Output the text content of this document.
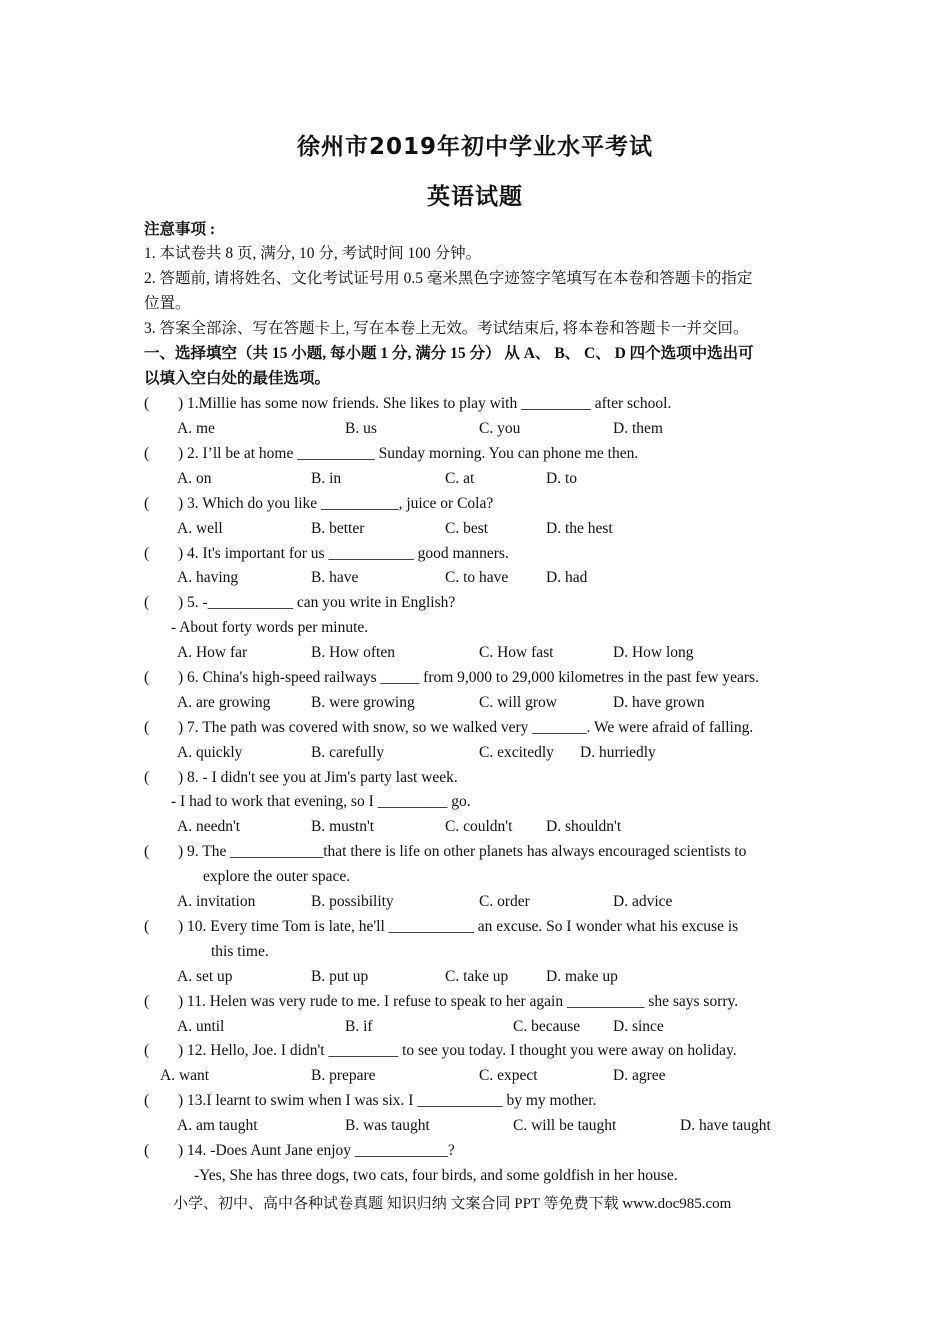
徐州市2019年初中学业水平考试
英语试题
注意事项 :
1. 本试卷共 8 页, 满分, 10 分, 考试时间 100 分钟。
2. 答题前, 请将姓名、文化考试证号用 0.5 毫米黑色字迹签字笔填写在本卷和答题卡的指定
位置。
3. 答案全部涂、写在答题卡上, 写在本卷上无效。考试结束后, 将本卷和答题卡一并交回。
一、选择填空（共 15 小题, 每小题 1 分, 满分 15 分） 从 A、 B、 C、 D 四个选项中选出可
以填入空白处的最佳选项。
( ) 1.Millie has some now friends. She likes to play with _________ after school.
A. me	B. us	C. you	D. them
( ) 2. I’ll be at home __________ Sunday morning. You can phone me then.
A. on	B. in	C. at	D. to
( ) 3. Which do you like __________, juice or Cola?
A. well	B. better	C. best	D. the hest
( ) 4. It's important for us ___________ good manners.
A. having	B. have	C. to have D. had
( ) 5. -___________ can you write in English?
- About forty words per minute.
A. How far	B. How often	C. How fast	D. How long
( ) 6. China's high-speed railways _____ from 9,000 to 29,000 kilometres in the past few years.
A. are growing	B. were growing	C. will grow	D. have grown
( ) 7. The path was covered with snow, so we walked very _______. We were afraid of falling.
A. quickly	B. carefully	C. excitedly D. hurriedly
( ) 8. - I didn't see you at Jim's party last week.
- I had to work that evening, so I _________ go.
A. needn't	B. mustn't	C. couldn't D. shouldn't
( ) 9. The ____________that there is life on other planets has always encouraged scientists to
explore the outer space.
A. invitation	B. possibility	C. order	D. advice
( ) 10. Every time Tom is late, he'll ___________ an excuse. So I wonder what his excuse is
this time.
A. set up	B. put up	C. take up D. make up
( ) 11. Helen was very rude to me. I refuse to speak to her again __________ she says sorry.
A. until	B. if	C. because D. since
( ) 12. Hello, Joe. I didn't _________ to see you today. I thought you were away on holiday.
A. want	B. prepare	C. expect	D. agree
( ) 13.I learnt to swim when I was six. I ___________ by my mother.
A. am taught	B. was taught	C. will be taught	D. have taught
( ) 14. -Does Aunt Jane enjoy ____________?
-Yes, She has three dogs, two cats, four birds, and some goldfish in her house.
小学、初中、高中各种试卷真题 知识归纳 文案合同 PPT 等免费下载 www.doc985.com
